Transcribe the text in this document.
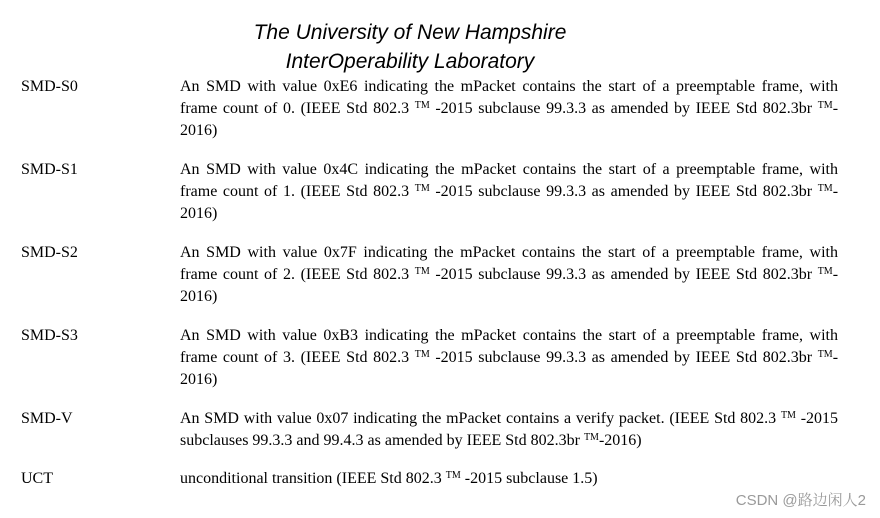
The University of New Hampshire
InterOperability Laboratory
SMD-S0	An SMD with value 0xE6 indicating the mPacket contains the start of a preemptable frame, with frame count of 0. (IEEE Std 802.3 ™ -2015 subclause 99.3.3 as amended by IEEE Std 802.3br ™-2016)
SMD-S1	An SMD with value 0x4C indicating the mPacket contains the start of a preemptable frame, with frame count of 1. (IEEE Std 802.3 ™ -2015 subclause 99.3.3 as amended by IEEE Std 802.3br ™-2016)
SMD-S2	An SMD with value 0x7F indicating the mPacket contains the start of a preemptable frame, with frame count of 2. (IEEE Std 802.3 ™ -2015 subclause 99.3.3 as amended by IEEE Std 802.3br ™-2016)
SMD-S3	An SMD with value 0xB3 indicating the mPacket contains the start of a preemptable frame, with frame count of 3. (IEEE Std 802.3 ™ -2015 subclause 99.3.3 as amended by IEEE Std 802.3br ™-2016)
SMD-V	An SMD with value 0x07 indicating the mPacket contains a verify packet. (IEEE Std 802.3 ™ -2015 subclauses 99.3.3 and 99.4.3 as amended by IEEE Std 802.3br ™-2016)
UCT	unconditional transition (IEEE Std 802.3 ™ -2015 subclause 1.5)
CSDN @路边闲人2
